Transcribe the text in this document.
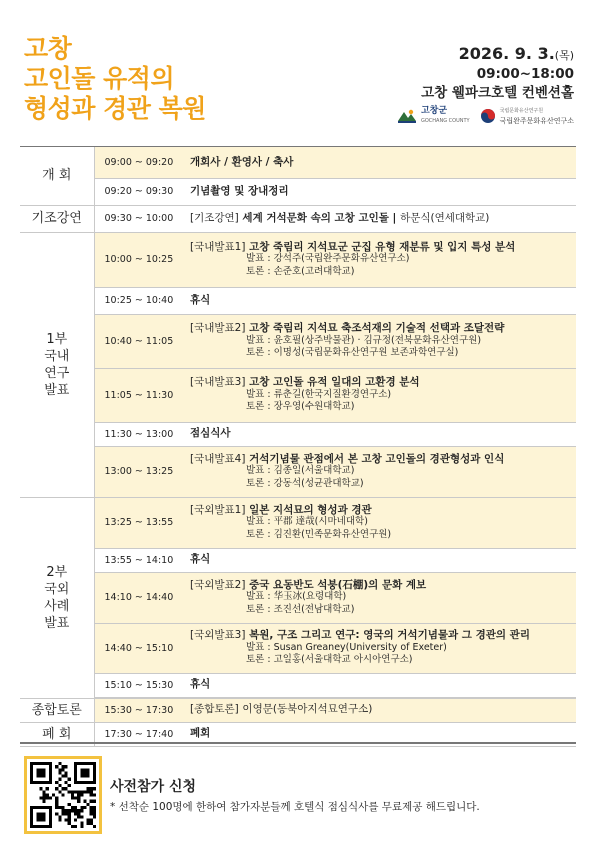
고창
고인돌 유적의
형성과 경관 복원
2026. 9. 3.(목)
09:00~18:00
고창 웰파크호텔 컨벤션홀
고창군
GOCHANG COUNTY
국립문화유산연구원
국립완주문화유산연구소
개 회	09:00 ~ 09:20	개회사 / 환영사 / 축사
	09:20 ~ 09:30	기념촬영 및 장내정리
기조강연	09:30 ~ 10:00	[기조강연] 세계 거석문화 속의 고창 고인돌 | 하문식(연세대학교)
1부 국내 연구 발표	10:00 ~ 10:25	[국내발표1] 고창 죽림리 지석묘군 군집 유형 재분류 및 입지 특성 분석
발표 : 강석주(국립완주문화유산연구소)
토론 : 손준호(고려대학교)

	10:25 ~ 10:40	휴식
	10:40 ~ 11:05	[국내발표2] 고창 죽림리 지석묘 축조석재의 기술적 선택과 조달전략
발표 : 윤호필(상주박물관) · 김규정(전북문화유산연구원)
토론 : 이명성(국립문화유산연구원 보존과학연구실)

	11:05 ~ 11:30	[국내발표3] 고창 고인돌 유적 일대의 고환경 분석
발표 : 류춘길(한국지질환경연구소)
토론 : 장우영(수원대학교)

	11:30 ~ 13:00	점심식사
	13:00 ~ 13:25	[국내발표4] 거석기념물 관점에서 본 고창 고인돌의 경관형성과 인식
발표 : 김종일(서울대학교)
토론 : 강동석(성균관대학교)

2부 국외 사례 발표	13:25 ~ 13:55	[국외발표1] 일본 지석묘의 형성과 경관
발표 : 平郡 達哉(시마네대학)
토론 : 김진환(민족문화유산연구원)

	13:55 ~ 14:10	휴식
	14:10 ~ 14:40	[국외발표2] 중국 요동반도 석붕(石棚)의 문화 계보
발표 : 华玉冰(요령대학)
토론 : 조진선(전남대학교)

	14:40 ~ 15:10	[국외발표3] 복원, 구조 그리고 연구: 영국의 거석기념물과 그 경관의 관리
발표 : Susan Greaney(University of Exeter)
토론 : 고일홍(서울대학교 아시아연구소)

	15:10 ~ 15:30	휴식

종합토론	15:30 ~ 17:30	[종합토론] 이영문(동북아지석묘연구소)
폐 회	17:30 ~ 17:40	폐회
사전참가 신청
* 선착순 100명에 한하여 참가자분들께 호텔식 점심식사를 무료제공 해드립니다.
